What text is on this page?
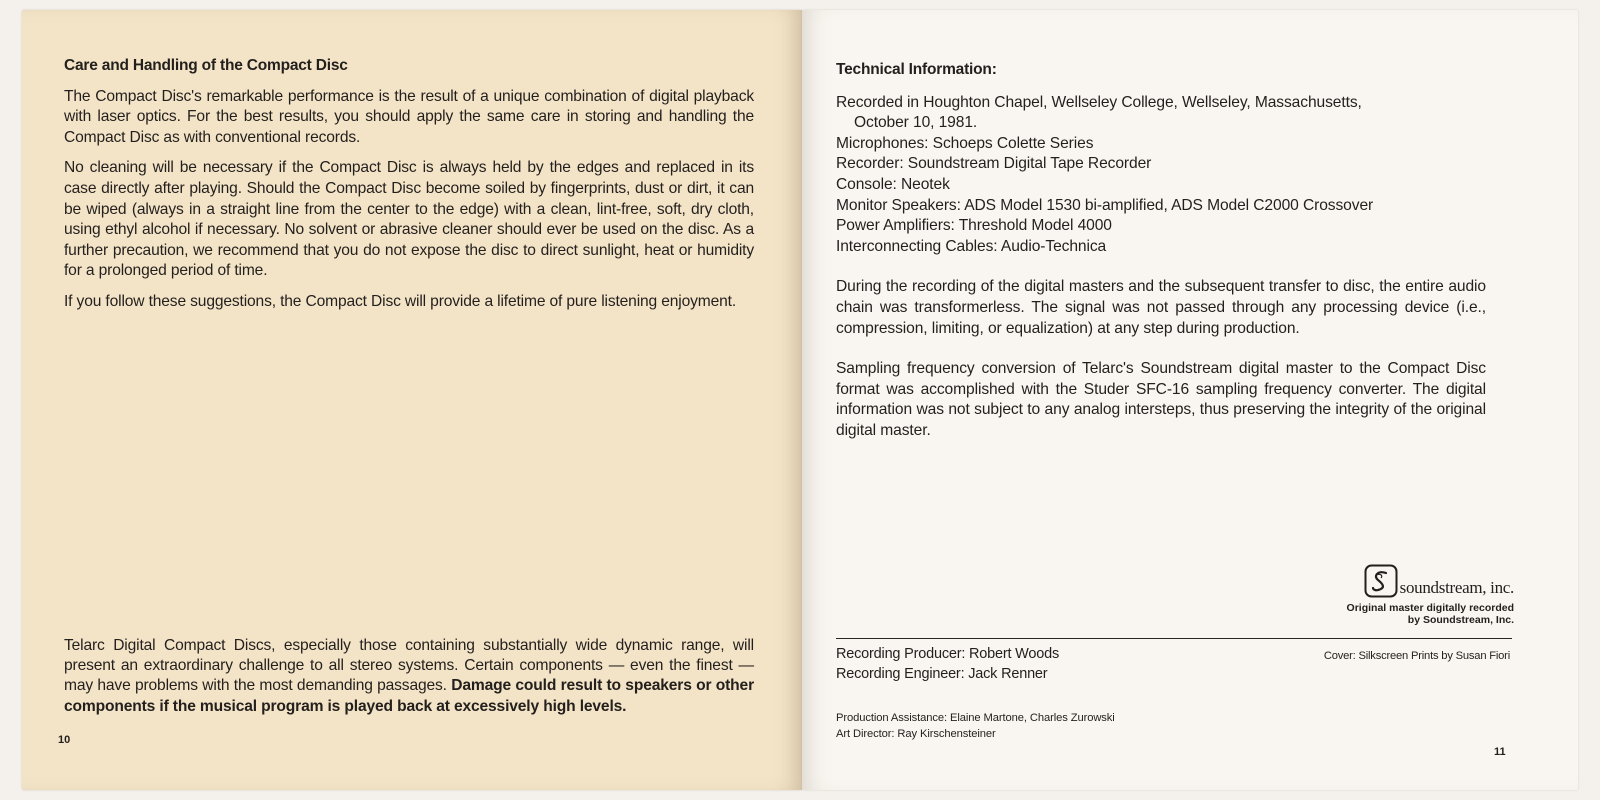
Care and Handling of the Compact Disc

The Compact Disc's remarkable performance is the result of a unique combination of digital playback with laser optics. For the best results, you should apply the same care in storing and handling the Compact Disc as with conventional records.

No cleaning will be necessary if the Compact Disc is always held by the edges and replaced in its case directly after playing. Should the Compact Disc become soiled by fingerprints, dust or dirt, it can be wiped (always in a straight line from the center to the edge) with a clean, lint-free, soft, dry cloth, using ethyl alcohol if necessary. No solvent or abrasive cleaner should ever be used on the disc. As a further precaution, we recommend that you do not expose the disc to direct sunlight, heat or humidity for a prolonged period of time.

If you follow these suggestions, the Compact Disc will provide a lifetime of pure listening enjoyment.

Telarc Digital Compact Discs, especially those containing substantially wide dynamic range, will present an extraordinary challenge to all stereo systems. Certain components — even the finest — may have problems with the most demanding passages. Damage could result to speakers or other components if the musical program is played back at excessively high levels.
10
Technical Information:
Recorded in Houghton Chapel, Wellseley College, Wellseley, Massachusetts,
October 10, 1981.
Microphones: Schoeps Colette Series
Recorder: Soundstream Digital Tape Recorder
Console: Neotek
Monitor Speakers: ADS Model 1530 bi-amplified, ADS Model C2000 Crossover
Power Amplifiers: Threshold Model 4000
Interconnecting Cables: Audio-Technica

During the recording of the digital masters and the subsequent transfer to disc, the entire audio chain was transformerless. The signal was not passed through any processing device (i.e., compression, limiting, or equalization) at any step during production.

Sampling frequency conversion of Telarc's Soundstream digital master to the Compact Disc format was accomplished with the Studer SFC-16 sampling frequency converter. The digital information was not subject to any analog intersteps, thus preserving the integrity of the original digital master.

soundstream, inc.
Original master digitally recorded
by Soundstream, Inc.
Recording Producer: Robert Woods
Recording Engineer: Jack Renner
Cover: Silkscreen Prints by Susan Fiori
Production Assistance: Elaine Martone, Charles Zurowski
Art Director: Ray Kirschensteiner
11
